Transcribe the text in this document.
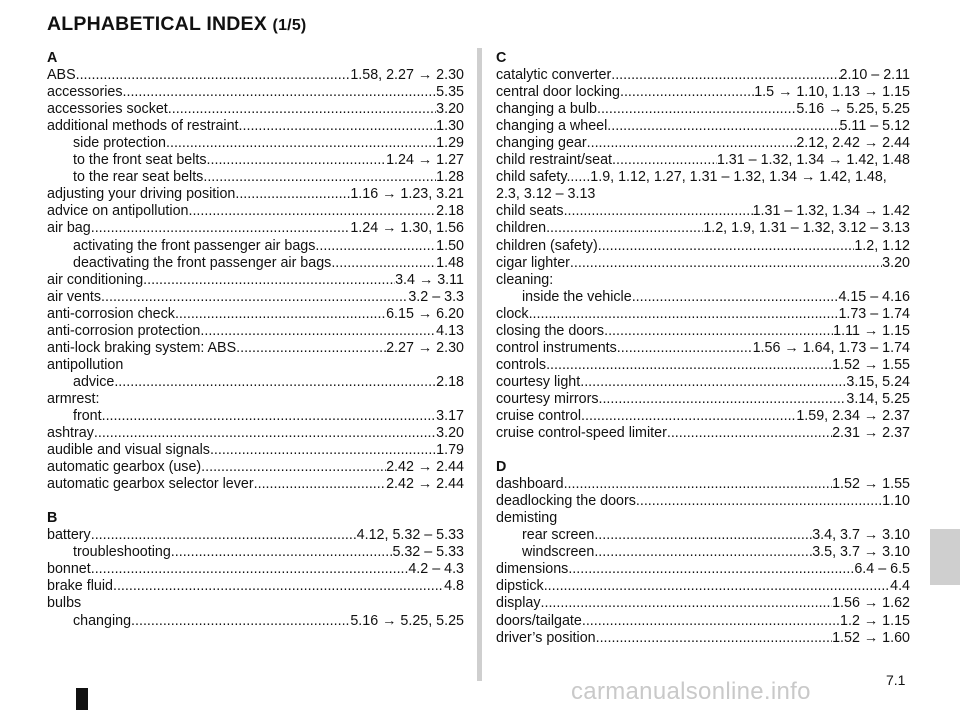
ALPHABETICAL INDEX (1/5)
A
ABS .....	1.58, 2.27 → 2.30
accessories .....	5.35
accessories socket .....	3.20
additional methods of restraint .....	1.30
side protection .....	1.29
to the front seat belts .....	1.24 → 1.27
to the rear seat belts .....	1.28
adjusting your driving position .....	1.16 → 1.23, 3.21
advice on antipollution .....	2.18
air bag .....	1.24 → 1.30, 1.56
activating the front passenger air bags .....	1.50
deactivating the front passenger air bags .....	1.48
air conditioning .....	3.4 → 3.11
air vents .....	3.2 – 3.3
anti-corrosion check .....	6.15 → 6.20
anti-corrosion protection .....	4.13
anti-lock braking system: ABS .....	2.27 → 2.30
antipollution
advice .....	2.18
armrest:
front .....	3.17
ashtray .....	3.20
audible and visual signals .....	1.79
automatic gearbox (use) .....	2.42 → 2.44
automatic gearbox selector lever .....	2.42 → 2.44
B
battery .....	4.12, 5.32 – 5.33
troubleshooting .....	5.32 – 5.33
bonnet .....	4.2 – 4.3
brake fluid .....	4.8
bulbs
changing .....	5.16 → 5.25, 5.25
C
catalytic converter .....	2.10 – 2.11
central door locking .....	1.5 → 1.10, 1.13 → 1.15
changing a bulb .....	5.16 → 5.25, 5.25
changing a wheel .....	5.11 – 5.12
changing gear .....	2.12, 2.42 → 2.44
child restraint/seat .....	1.31 – 1.32, 1.34 → 1.42, 1.48
child safety......1.9, 1.12, 1.27, 1.31 – 1.32, 1.34 → 1.42, 1.48,
2.3, 3.12 – 3.13
child seats .....	1.31 – 1.32, 1.34 → 1.42
children .....	1.2, 1.9, 1.31 – 1.32, 3.12 – 3.13
children (safety) .....	1.2, 1.12
cigar lighter .....	3.20
cleaning:
inside the vehicle .....	4.15 – 4.16
clock .....	1.73 – 1.74
closing the doors .....	1.11 → 1.15
control instruments .....	1.56 → 1.64, 1.73 – 1.74
controls .....	1.52 → 1.55
courtesy light .....	3.15, 5.24
courtesy mirrors .....	3.14, 5.25
cruise control .....	1.59, 2.34 → 2.37
cruise control-speed limiter .....	2.31 → 2.37
D
dashboard .....	1.52 → 1.55
deadlocking the doors .....	1.10
demisting
rear screen .....	3.4, 3.7 → 3.10
windscreen .....	3.5, 3.7 → 3.10
dimensions .....	6.4 – 6.5
dipstick .....	4.4
display .....	1.56 → 1.62
doors/tailgate .....	1.2 → 1.15
driver’s position .....	1.52 → 1.60
7.1
carmanualsonline.info
